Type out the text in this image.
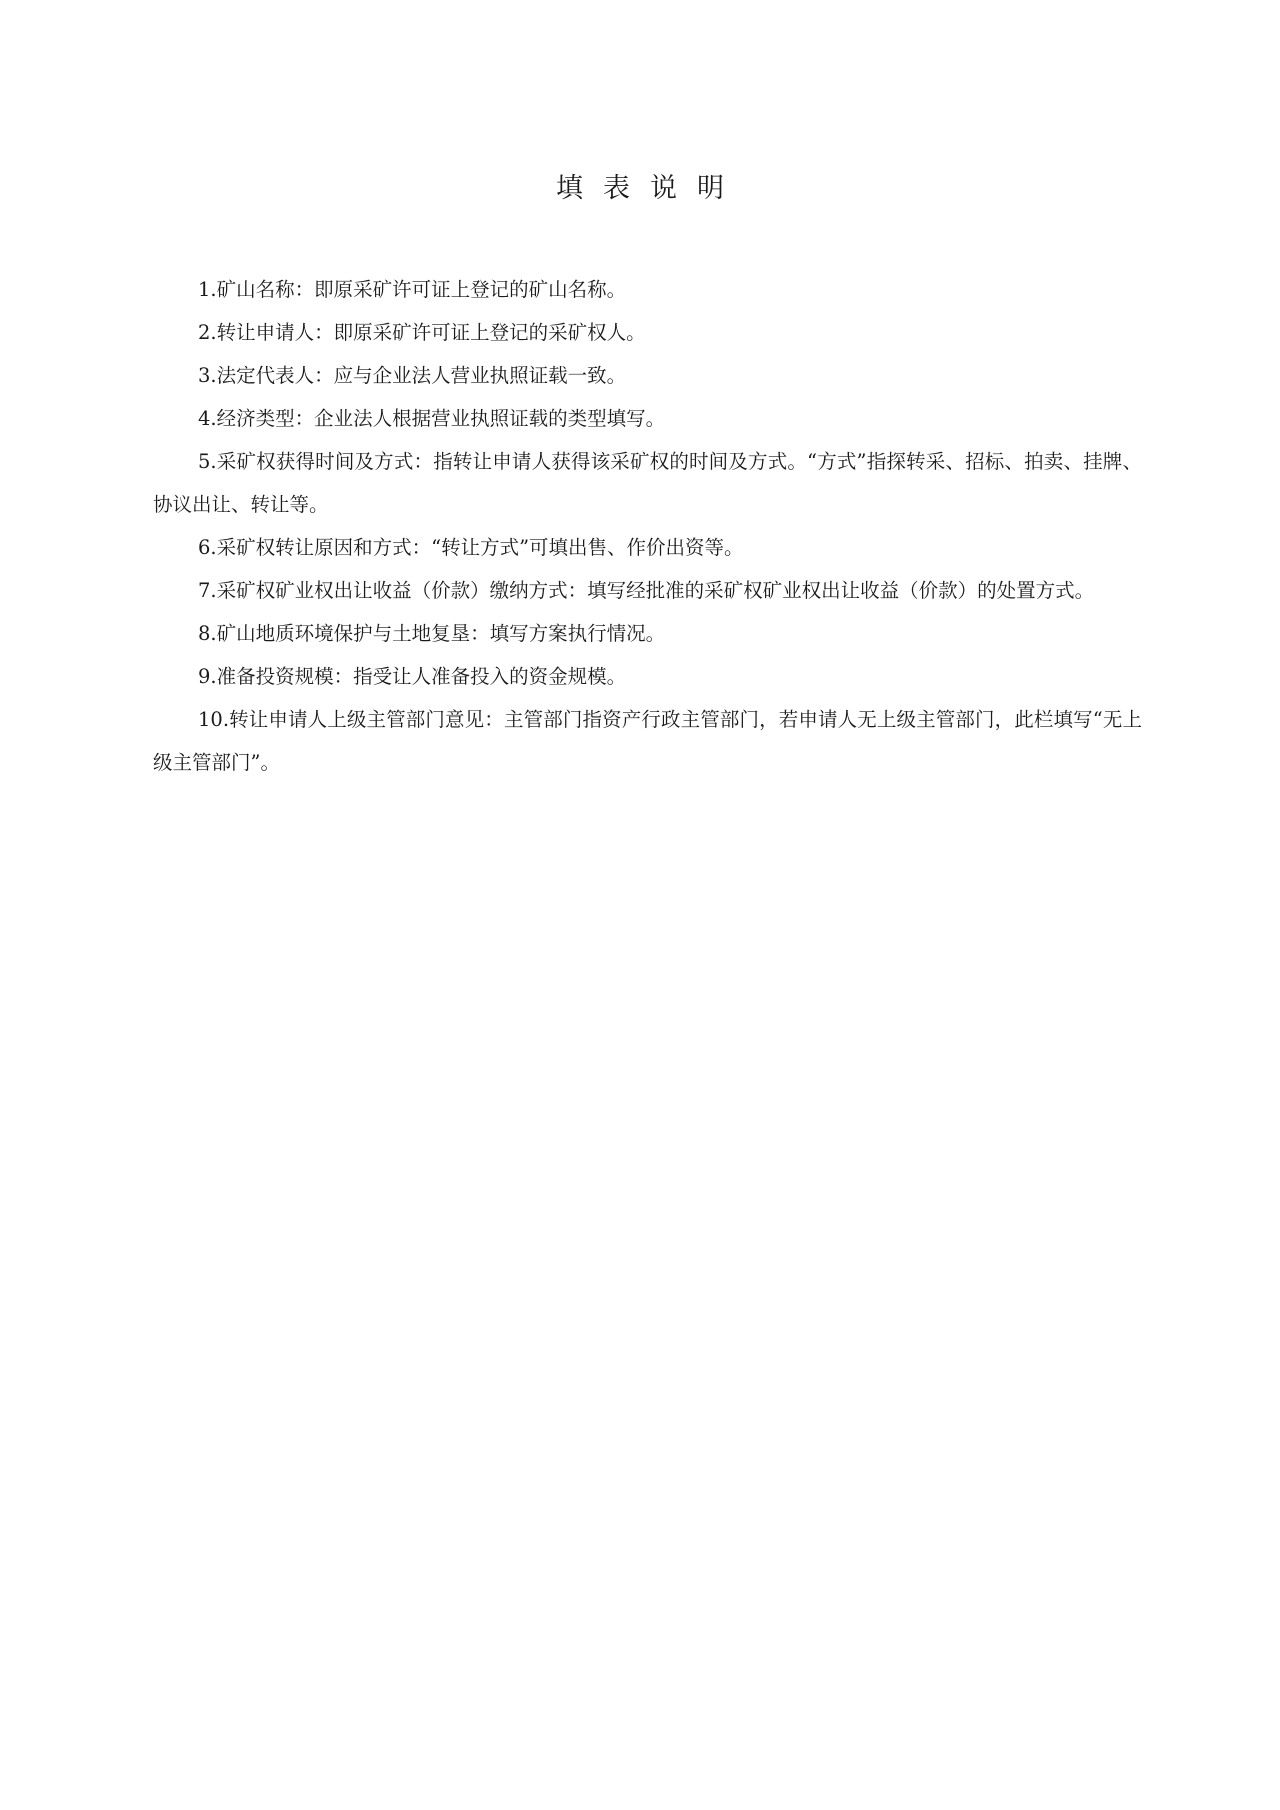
填表说明

1.矿山名称：即原采矿许可证上登记的矿山名称。

2.转让申请人：即原采矿许可证上登记的采矿权人。

3.法定代表人：应与企业法人营业执照证载一致。

4.经济类型：企业法人根据营业执照证载的类型填写。

5.采矿权获得时间及方式：指转让申请人获得该采矿权的时间及方式。“方式”指探转采、招标、拍卖、挂牌、协议出让、转让等。

6.采矿权转让原因和方式：“转让方式”可填出售、作价出资等。

7.采矿权矿业权出让收益（价款）缴纳方式：填写经批准的采矿权矿业权出让收益（价款）的处置方式。

8.矿山地质环境保护与土地复垦：填写方案执行情况。

9.准备投资规模：指受让人准备投入的资金规模。

10.转让申请人上级主管部门意见：主管部门指资产行政主管部门，若申请人无上级主管部门，此栏填写“无上级主管部门”。
